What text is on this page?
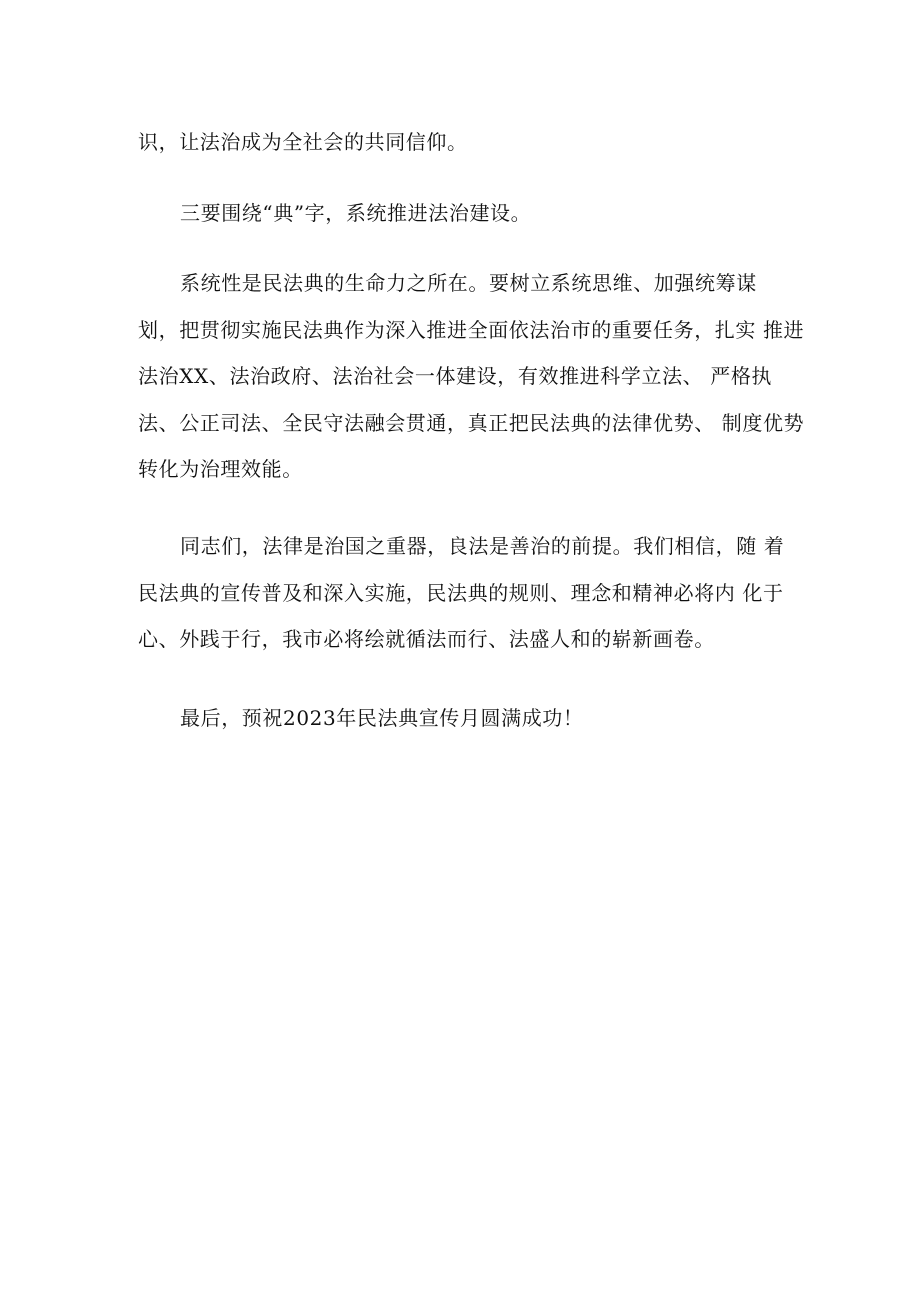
识，让法治成为全社会的共同信仰。
三要围绕“典”字，系统推进法治建设。
系统性是民法典的生命力之所在。要树立系统思维、加强统筹谋
划，把贯彻实施民法典作为深入推进全面依法治市的重要任务，扎实 推进
法治XX、法治政府、法治社会一体建设，有效推进科学立法、 严格执
法、公正司法、全民守法融会贯通，真正把民法典的法律优势、 制度优势
转化为治理效能。
同志们，法律是治国之重器，良法是善治的前提。我们相信，随 着
民法典的宣传普及和深入实施，民法典的规则、理念和精神必将内 化于
心、外践于行，我市必将绘就循法而行、法盛人和的崭新画卷。
最后，预祝2023年民法典宣传月圆满成功！
